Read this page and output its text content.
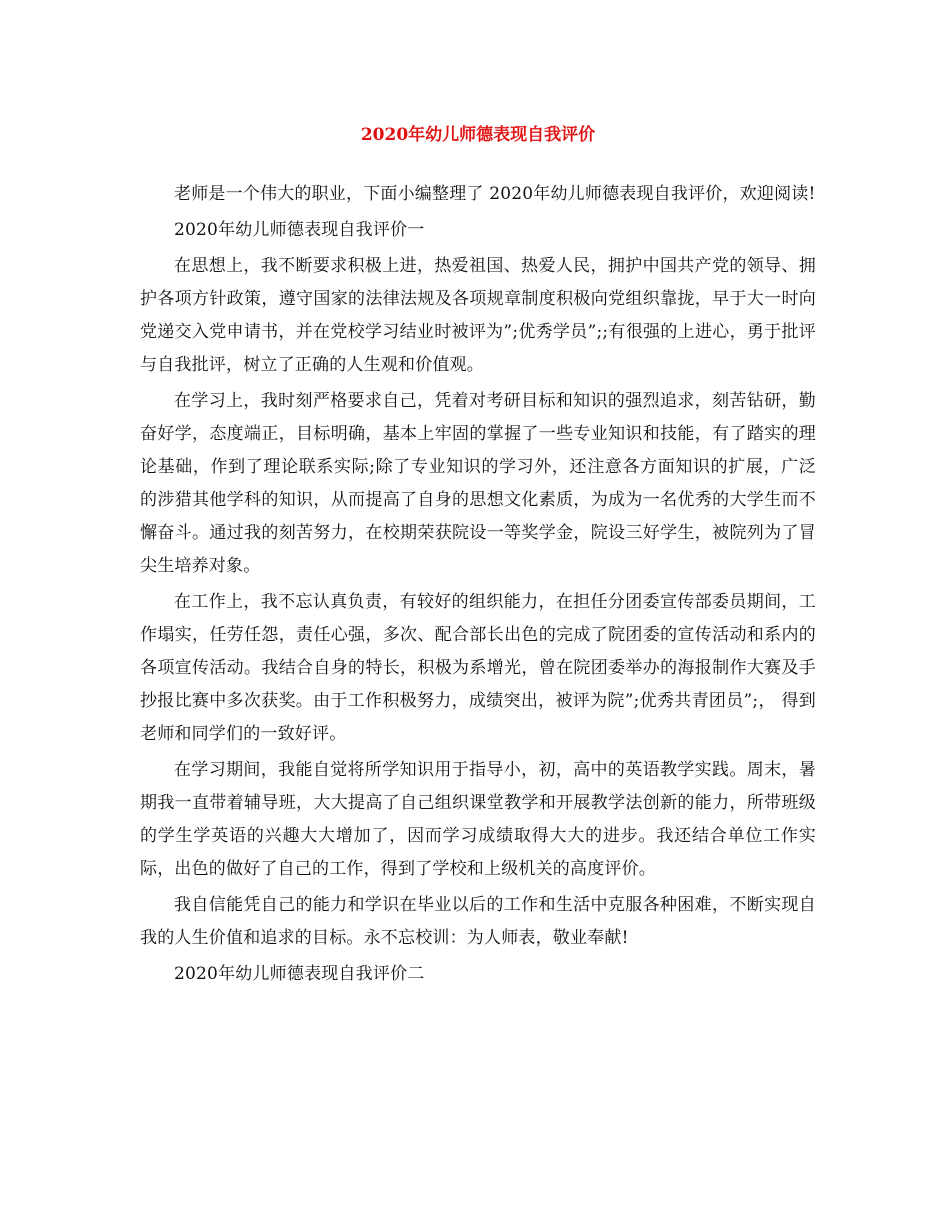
2020年幼儿师德表现自我评价

老师是一个伟大的职业，下面小编整理了 2020年幼儿师德表现自我评价，欢迎阅读!

2020年幼儿师德表现自我评价一

在思想上，我不断要求积极上进，热爱祖国、热爱人民，拥护中国共产党的领导、拥护各项方针政策，遵守国家的法律法规及各项规章制度积极向党组织靠拢，早于大一时向党递交入党申请书，并在党校学习结业时被评为”;优秀学员”;;有很强的上进心，勇于批评与自我批评，树立了正确的人生观和价值观。

在学习上，我时刻严格要求自己，凭着对考研目标和知识的强烈追求，刻苦钻研，勤奋好学，态度端正，目标明确，基本上牢固的掌握了一些专业知识和技能，有了踏实的理论基础，作到了理论联系实际;除了专业知识的学习外，还注意各方面知识的扩展，广泛的涉猎其他学科的知识，从而提高了自身的思想文化素质，为成为一名优秀的大学生而不懈奋斗。通过我的刻苦努力，在校期荣获院设一等奖学金，院设三好学生，被院列为了冒尖生培养对象。

在工作上，我不忘认真负责，有较好的组织能力，在担任分团委宣传部委员期间，工作塌实，任劳任怨，责任心强，多次、配合部长出色的完成了院团委的宣传活动和系内的各项宣传活动。我结合自身的特长，积极为系增光，曾在院团委举办的海报制作大赛及手抄报比赛中多次获奖。由于工作积极努力，成绩突出，被评为院”;优秀共青团员”;， 得到老师和同学们的一致好评。

在学习期间，我能自觉将所学知识用于指导小，初，高中的英语教学实践。周末，暑期我一直带着辅导班，大大提高了自己组织课堂教学和开展教学法创新的能力，所带班级的学生学英语的兴趣大大增加了，因而学习成绩取得大大的进步。我还结合单位工作实际，出色的做好了自己的工作，得到了学校和上级机关的高度评价。

我自信能凭自己的能力和学识在毕业以后的工作和生活中克服各种困难，不断实现自我的人生价值和追求的目标。永不忘校训：为人师表，敬业奉献!

2020年幼儿师德表现自我评价二
